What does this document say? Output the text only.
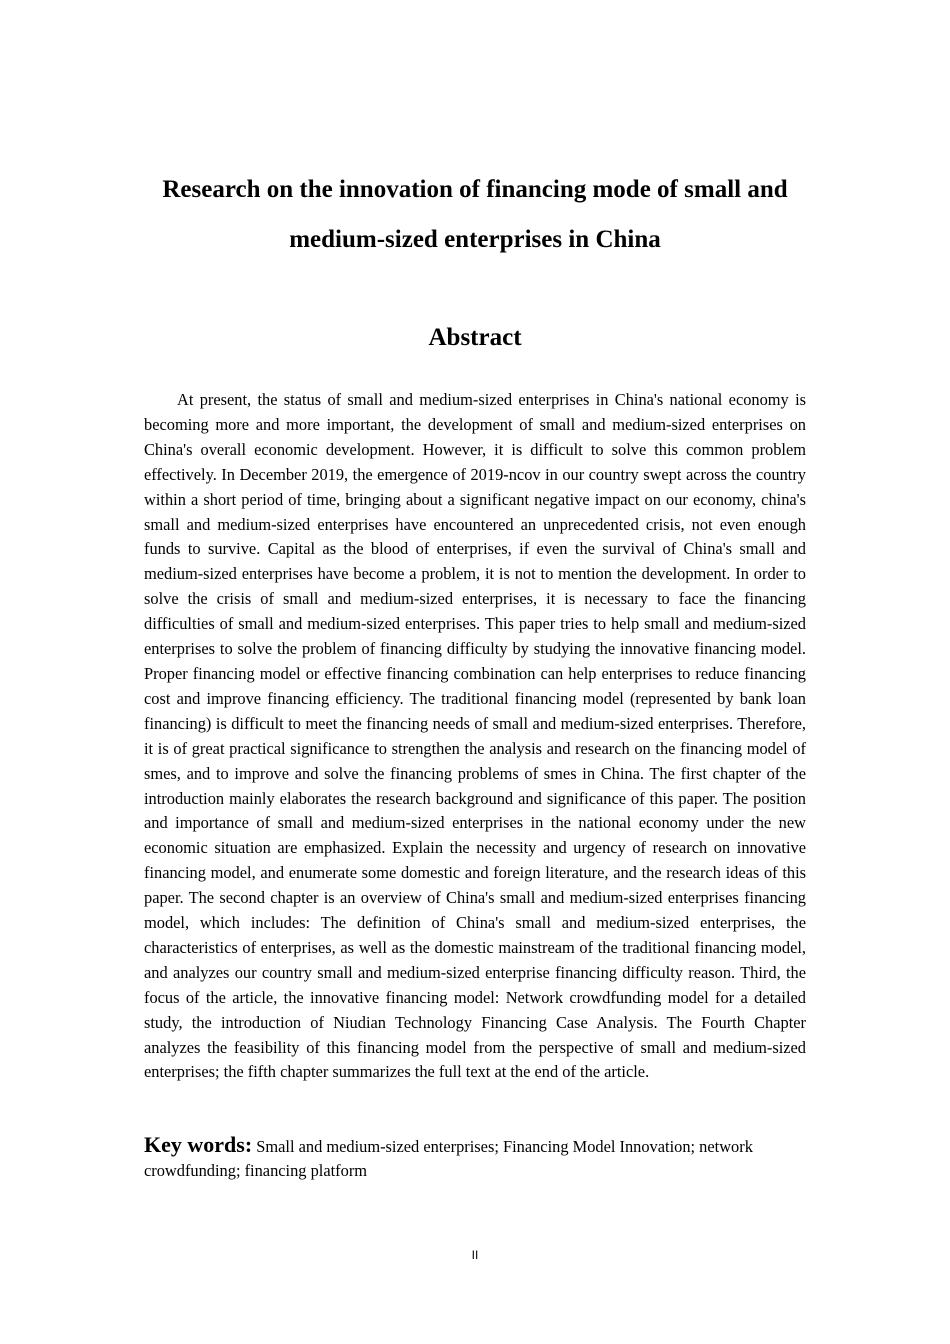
Research on the innovation of financing mode of small and
medium-sized enterprises in China
Abstract

At present, the status of small and medium-sized enterprises in China's national economy is becoming more and more important, the development of small and medium-sized enterprises on China's overall economic development. However, it is difficult to solve this common problem effectively. In December 2019, the emergence of 2019-ncov in our country swept across the country within a short period of time, bringing about a significant negative impact on our economy, china's small and medium-sized enterprises have encountered an unprecedented crisis, not even enough funds to survive. Capital as the blood of enterprises, if even the survival of China's small and medium-sized enterprises have become a problem, it is not to mention the development. In order to solve the crisis of small and medium-sized enterprises, it is necessary to face the financing difficulties of small and medium-sized enterprises. This paper tries to help small and medium-sized enterprises to solve the problem of financing difficulty by studying the innovative financing model. Proper financing model or effective financing combination can help enterprises to reduce financing cost and improve financing efficiency. The traditional financing model (represented by bank loan financing) is difficult to meet the financing needs of small and medium-sized enterprises. Therefore, it is of great practical significance to strengthen the analysis and research on the financing model of smes, and to improve and solve the financing problems of smes in China. The first chapter of the introduction mainly elaborates the research background and significance of this paper. The position and importance of small and medium-sized enterprises in the national economy under the new economic situation are emphasized. Explain the necessity and urgency of research on innovative financing model, and enumerate some domestic and foreign literature, and the research ideas of this paper. The second chapter is an overview of China's small and medium-sized enterprises financing model, which includes: The definition of China's small and medium-sized enterprises, the characteristics of enterprises, as well as the domestic mainstream of the traditional financing model, and analyzes our country small and medium-sized enterprise financing difficulty reason. Third, the focus of the article, the innovative financing model: Network crowdfunding model for a detailed study, the introduction of Niudian Technology Financing Case Analysis. The Fourth Chapter analyzes the feasibility of this financing model from the perspective of small and medium-sized enterprises; the fifth chapter summarizes the full text at the end of the article.

Key words: Small and medium-sized enterprises; Financing Model Innovation; network crowdfunding; financing platform

II
